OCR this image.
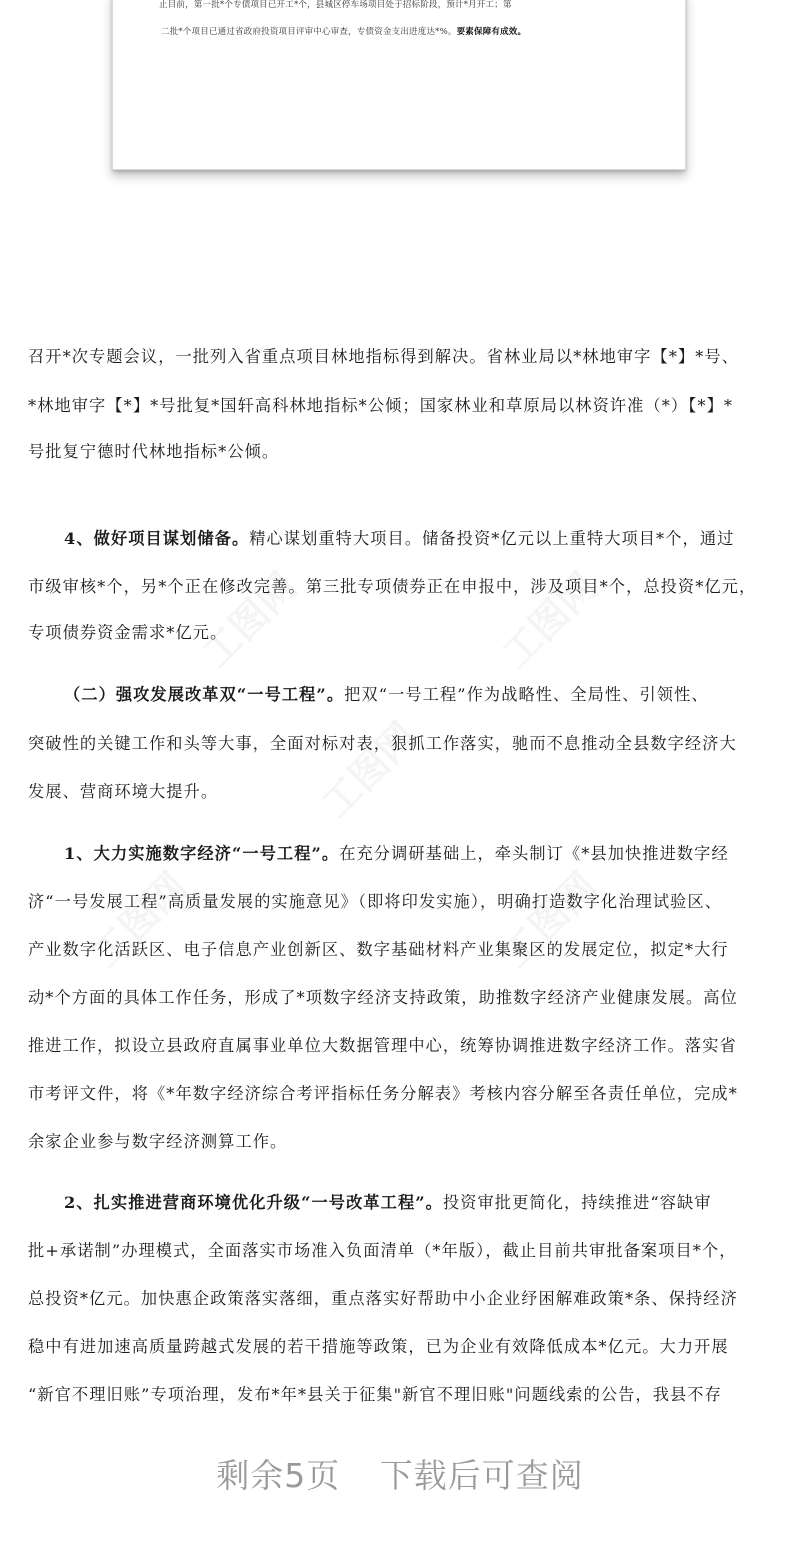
止目前，第一批*个专债项目已开工*个，县城区停车场项目处于招标阶段，预计*月开工；第
二批*个项目已通过省政府投资项目评审中心审查，专债资金支出进度达*%。要素保障有成效。
工图网	工图网
工图网
工图网	工图网
召开*次专题会议，一批列入省重点项目林地指标得到解决。省林业局以*林地审字【*】*号、
*林地审字【*】*号批复*国轩高科林地指标*公倾；国家林业和草原局以林资许准（*）【*】*
号批复宁德时代林地指标*公倾。
4、做好项目谋划储备。精心谋划重特大项目。储备投资*亿元以上重特大项目*个，通过
市级审核*个，另*个正在修改完善。第三批专项债券正在申报中，涉及项目*个，总投资*亿元，
专项债券资金需求*亿元。
（二）强攻发展改革双“一号工程”。把双“一号工程”作为战略性、全局性、引领性、
突破性的关键工作和头等大事，全面对标对表，狠抓工作落实，驰而不息推动全县数字经济大
发展、营商环境大提升。
1、大力实施数字经济“一号工程”。在充分调研基础上，牵头制订《*县加快推进数字经
济“一号发展工程”高质量发展的实施意见》（即将印发实施），明确打造数字化治理试验区、
产业数字化活跃区、电子信息产业创新区、数字基础材料产业集聚区的发展定位，拟定*大行
动*个方面的具体工作任务，形成了*项数字经济支持政策，助推数字经济产业健康发展。高位
推进工作，拟设立县政府直属事业单位大数据管理中心，统筹协调推进数字经济工作。落实省
市考评文件，将《*年数字经济综合考评指标任务分解表》考核内容分解至各责任单位，完成*
余家企业参与数字经济测算工作。
2、扎实推进营商环境优化升级“一号改革工程”。投资审批更简化，持续推进“容缺审
批+承诺制”办理模式，全面落实市场准入负面清单（*年版），截止目前共审批备案项目*个，
总投资*亿元。加快惠企政策落实落细，重点落实好帮助中小企业纾困解难政策*条、保持经济
稳中有进加速高质量跨越式发展的若干措施等政策，已为企业有效降低成本*亿元。大力开展
“新官不理旧账”专项治理，发布*年*县关于征集"新官不理旧账"问题线索的公告，我县不存
剩余5页 下载后可查阅
